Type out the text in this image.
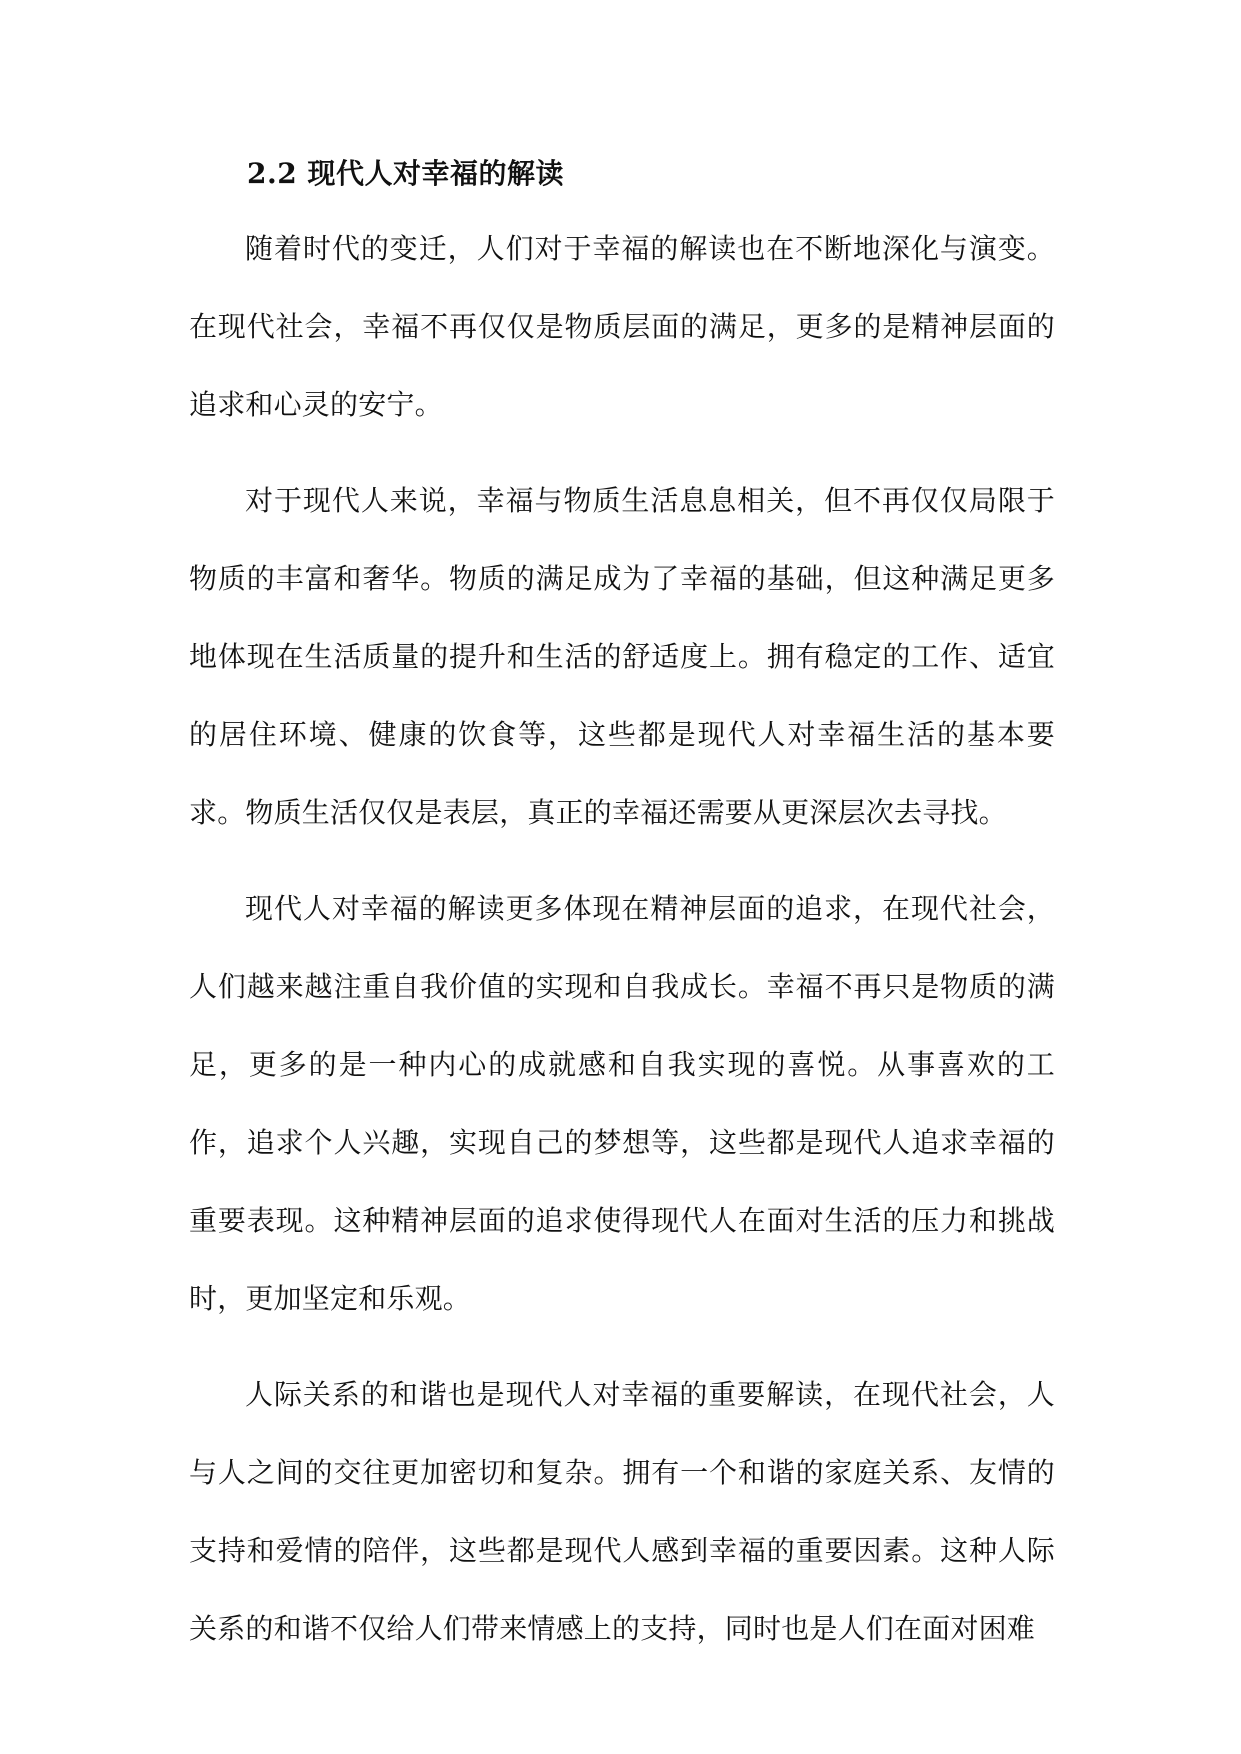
2.2 现代人对幸福的解读

随着时代的变迁，人们对于幸福的解读也在不断地深化与演变。在现代社会，幸福不再仅仅是物质层面的满足，更多的是精神层面的追求和心灵的安宁。

对于现代人来说，幸福与物质生活息息相关，但不再仅仅局限于物质的丰富和奢华。物质的满足成为了幸福的基础，但这种满足更多地体现在生活质量的提升和生活的舒适度上。拥有稳定的工作、适宜的居住环境、健康的饮食等，这些都是现代人对幸福生活的基本要求。物质生活仅仅是表层，真正的幸福还需要从更深层次去寻找。

现代人对幸福的解读更多体现在精神层面的追求，在现代社会，人们越来越注重自我价值的实现和自我成长。幸福不再只是物质的满足，更多的是一种内心的成就感和自我实现的喜悦。从事喜欢的工作，追求个人兴趣，实现自己的梦想等，这些都是现代人追求幸福的重要表现。这种精神层面的追求使得现代人在面对生活的压力和挑战时，更加坚定和乐观。

人际关系的和谐也是现代人对幸福的重要解读，在现代社会，人与人之间的交往更加密切和复杂。拥有一个和谐的家庭关系、友情的支持和爱情的陪伴，这些都是现代人感到幸福的重要因素。这种人际关系的和谐不仅给人们带来情感上的支持，同时也是人们在面对困难
